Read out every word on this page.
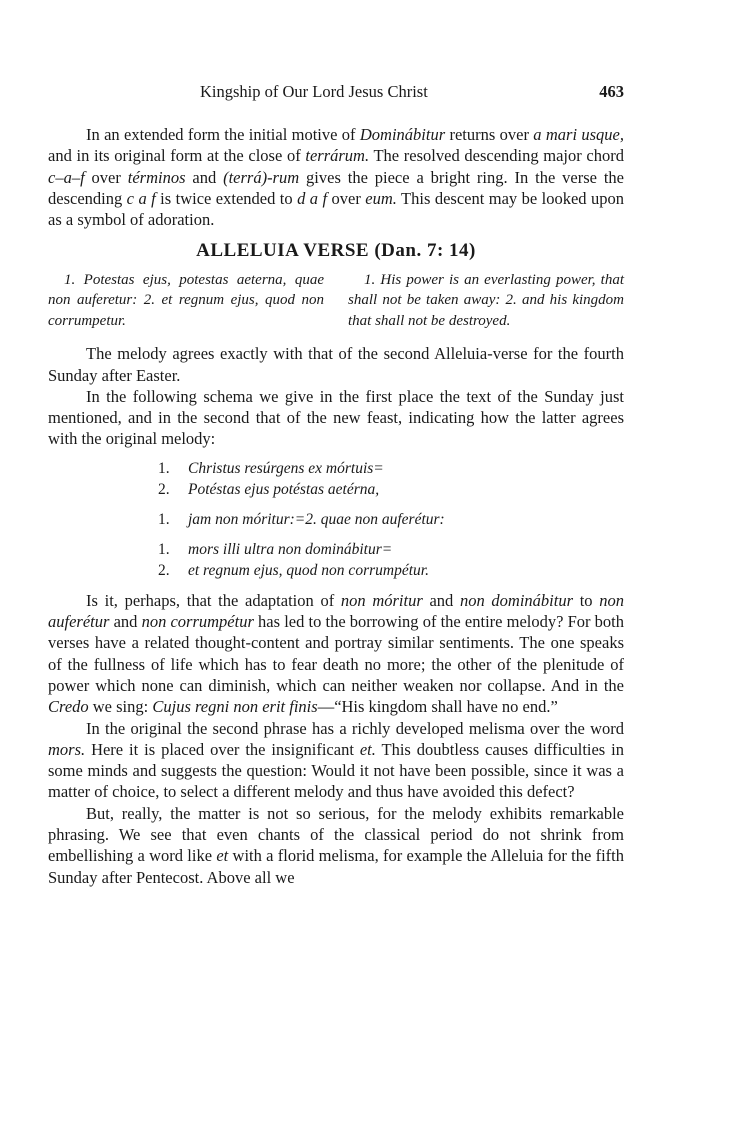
Kingship of Our Lord Jesus Christ	463

In an extended form the initial motive of Dominábitur returns over a mari usque, and in its original form at the close of terrárum. The resolved descending major chord c–a–f over términos and (terrá)-rum gives the piece a bright ring. In the verse the descending c a f is twice extended to d a f over eum. This descent may be looked upon as a symbol of adoration.

ALLELUIA VERSE (Dan. 7: 14)
1. Potestas ejus, potestas aeterna, quae non auferetur: 2. et regnum ejus, quod non corrumpetur.
1. His power is an everlasting power, that shall not be taken away: 2. and his kingdom that shall not be destroyed.

The melody agrees exactly with that of the second Alleluia-verse for the fourth Sunday after Easter.

In the following schema we give in the first place the text of the Sunday just mentioned, and in the second that of the new feast, indicating how the latter agrees with the original melody:

1.	Christus resúrgens ex mórtuis=
2.	Potéstas ejus potéstas aetérna,
1.	jam non móritur:=2. quae non auferétur:
1.	mors illi ultra non dominábitur=
2.	et regnum ejus, quod non corrumpétur.

Is it, perhaps, that the adaptation of non móritur and non dominábitur to non auferétur and non corrumpétur has led to the borrowing of the entire melody? For both verses have a related thought-content and portray similar sentiments. The one speaks of the fullness of life which has to fear death no more; the other of the plenitude of power which none can diminish, which can neither weaken nor collapse. And in the Credo we sing: Cujus regni non erit finis—“His kingdom shall have no end.”

In the original the second phrase has a richly developed melisma over the word mors. Here it is placed over the insignificant et. This doubtless causes difficulties in some minds and suggests the question: Would it not have been possible, since it was a matter of choice, to select a different melody and thus have avoided this defect?

But, really, the matter is not so serious, for the melody exhibits remarkable phrasing. We see that even chants of the classical period do not shrink from embellishing a word like et with a florid melisma, for example the Alleluia for the fifth Sunday after Pentecost. Above all we
